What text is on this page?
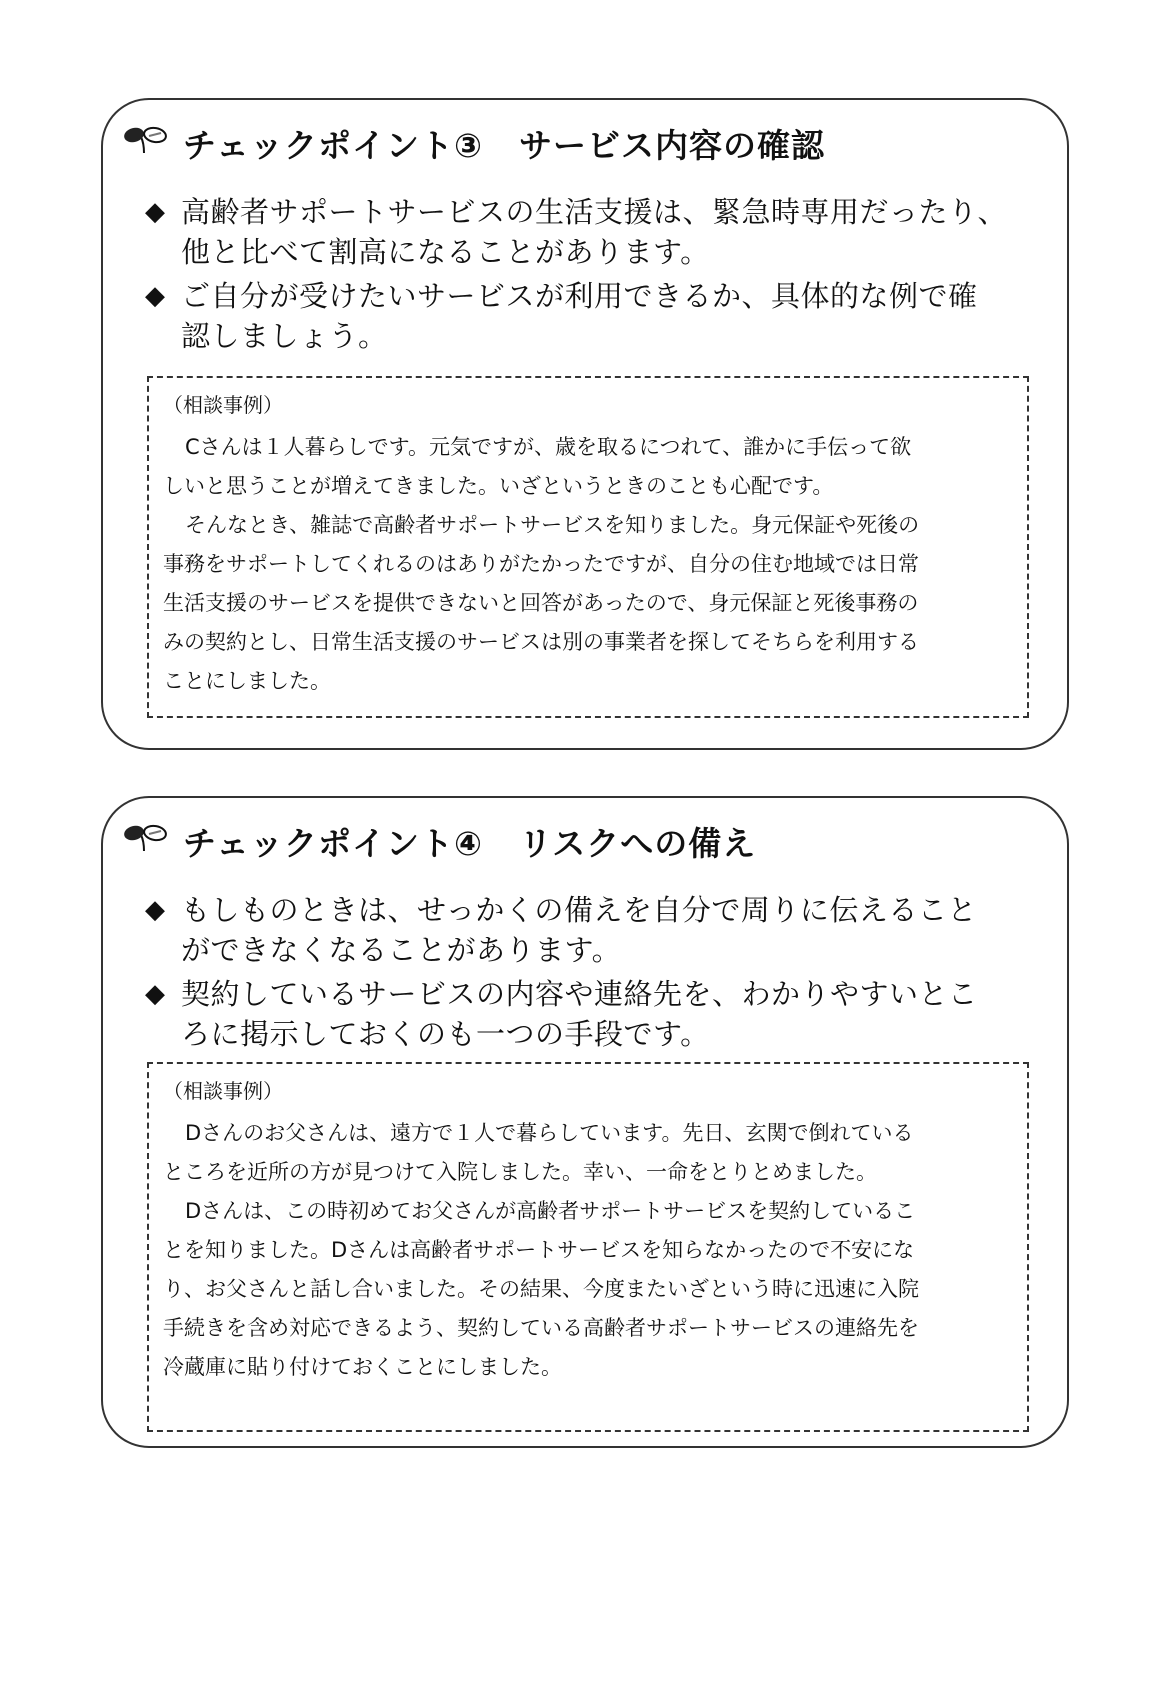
チェックポイント③ サービス内容の確認
◆ 高齢者サポートサービスの生活支援は、緊急時専用だったり、
他と比べて割高になることがあります。
◆ ご自分が受けたいサービスが利用できるか、具体的な例で確
認しましょう。
（相談事例）
Cさんは１人暮らしです。元気ですが、歳を取るにつれて、誰かに手伝って欲
しいと思うことが増えてきました。いざというときのことも心配です。
そんなとき、雑誌で高齢者サポートサービスを知りました。身元保証や死後の
事務をサポートしてくれるのはありがたかったですが、自分の住む地域では日常
生活支援のサービスを提供できないと回答があったので、身元保証と死後事務の
みの契約とし、日常生活支援のサービスは別の事業者を探してそちらを利用する
ことにしました。
チェックポイント④ リスクへの備え
◆ もしものときは、せっかくの備えを自分で周りに伝えること
ができなくなることがあります。
◆ 契約しているサービスの内容や連絡先を、わかりやすいとこ
ろに掲示しておくのも一つの手段です。
（相談事例）
Dさんのお父さんは、遠方で１人で暮らしています。先日、玄関で倒れている
ところを近所の方が見つけて入院しました。幸い、一命をとりとめました。
Dさんは、この時初めてお父さんが高齢者サポートサービスを契約しているこ
とを知りました。Dさんは高齢者サポートサービスを知らなかったので不安にな
り、お父さんと話し合いました。その結果、今度またいざという時に迅速に入院
手続きを含め対応できるよう、契約している高齢者サポートサービスの連絡先を
冷蔵庫に貼り付けておくことにしました。
